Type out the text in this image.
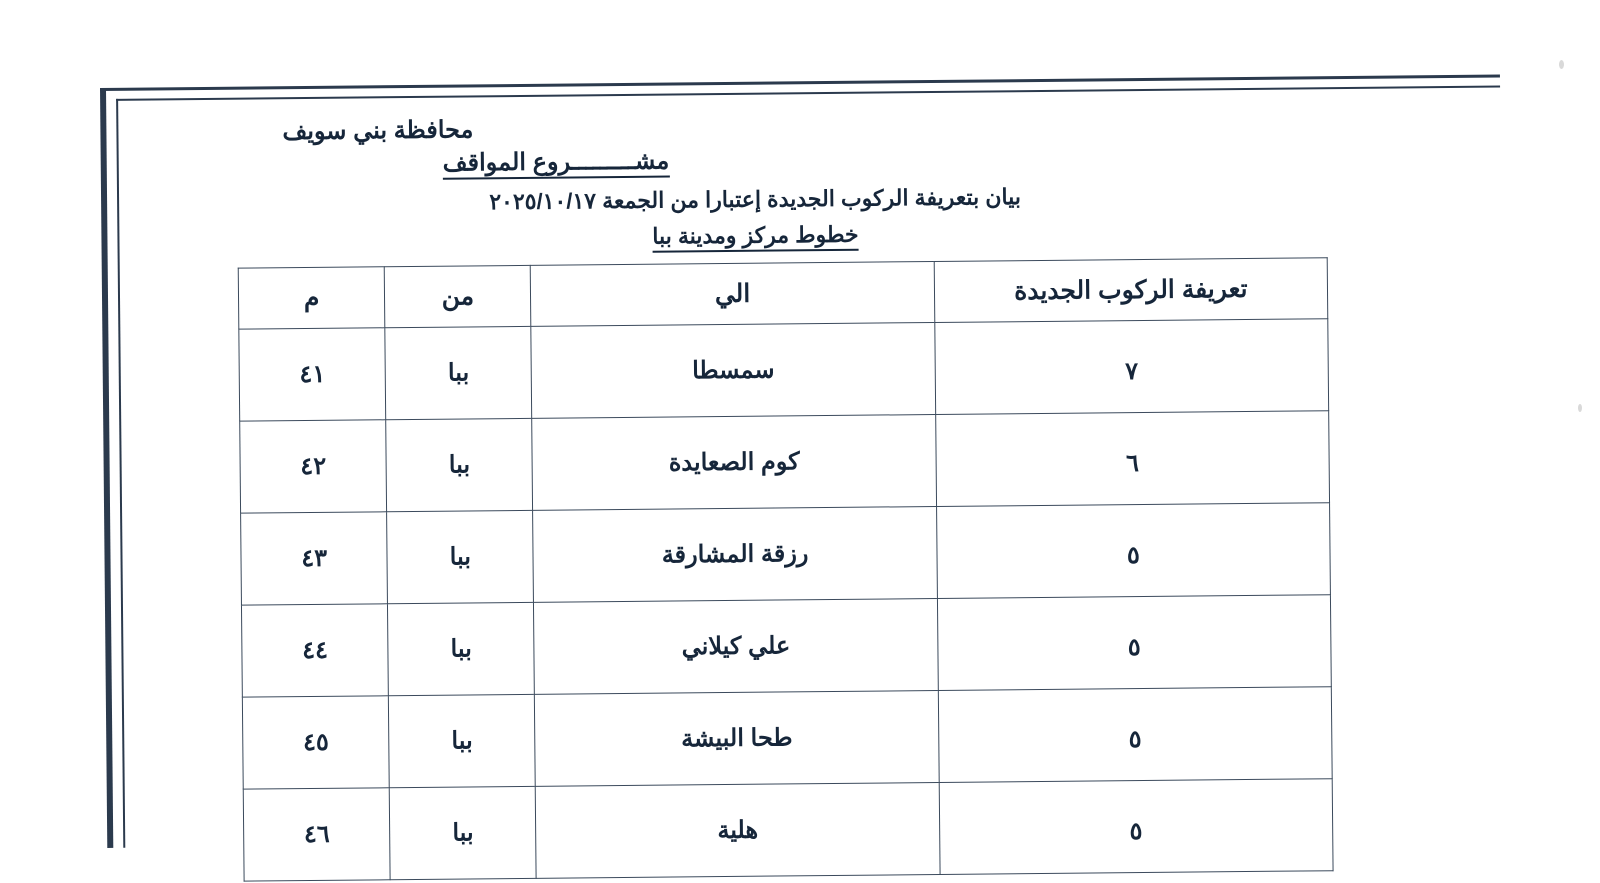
محافظة بني سويف
مشـــــــــروع المواقف
بيان بتعريفة الركوب الجديدة إعتبارا من الجمعة ٢٠٢٥/١٠/١٧
خطوط مركز ومدينة ببا
تعريفة الركوب الجديدة	الي	من	م
٧	سمسطا	ببا	٤١
٦	كوم الصعايدة	ببا	٤٢
٥	رزقة المشارقة	ببا	٤٣
٥	علي كيلاني	ببا	٤٤
٥	طحا البيشة	ببا	٤٥
٥	هلية	ببا	٤٦
